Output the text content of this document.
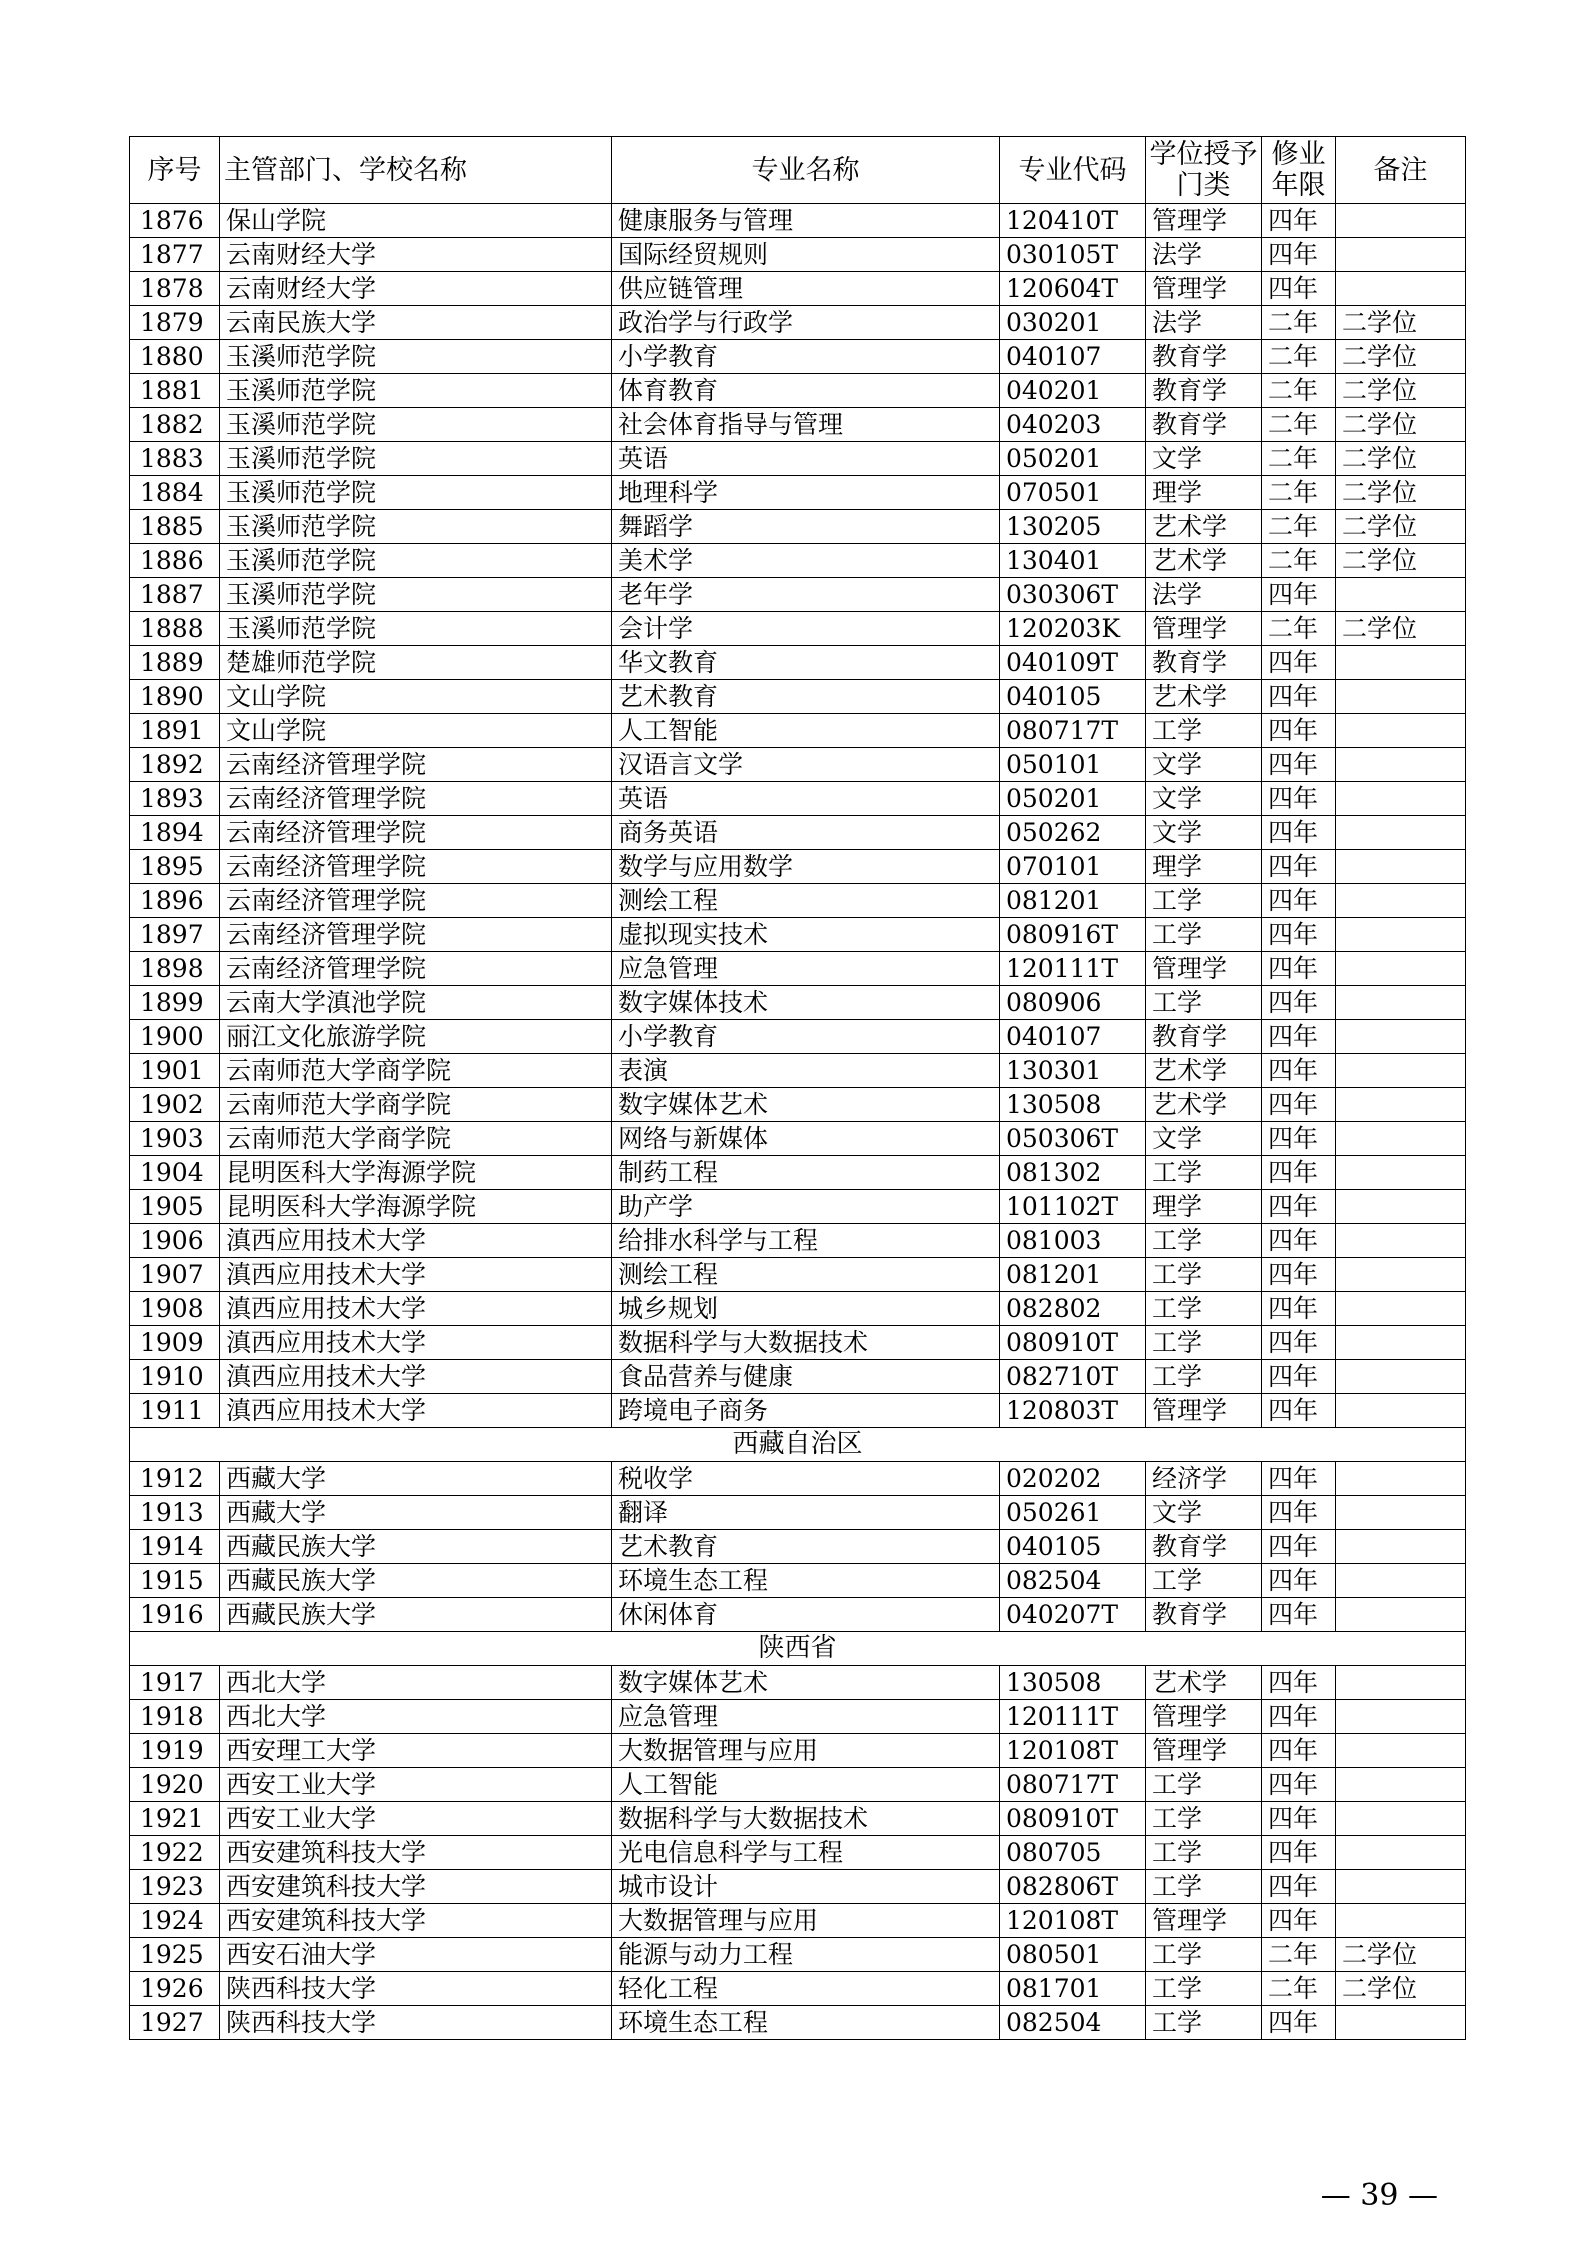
序号	主管部门、学校名称	专业名称	专业代码	学位授予门类	修业年限	备注
1876	保山学院	健康服务与管理	120410T	管理学	四年	
1877	云南财经大学	国际经贸规则	030105T	法学	四年	
1878	云南财经大学	供应链管理	120604T	管理学	四年	
1879	云南民族大学	政治学与行政学	030201	法学	二年	二学位
1880	玉溪师范学院	小学教育	040107	教育学	二年	二学位
1881	玉溪师范学院	体育教育	040201	教育学	二年	二学位
1882	玉溪师范学院	社会体育指导与管理	040203	教育学	二年	二学位
1883	玉溪师范学院	英语	050201	文学	二年	二学位
1884	玉溪师范学院	地理科学	070501	理学	二年	二学位
1885	玉溪师范学院	舞蹈学	130205	艺术学	二年	二学位
1886	玉溪师范学院	美术学	130401	艺术学	二年	二学位
1887	玉溪师范学院	老年学	030306T	法学	四年	
1888	玉溪师范学院	会计学	120203K	管理学	二年	二学位
1889	楚雄师范学院	华文教育	040109T	教育学	四年	
1890	文山学院	艺术教育	040105	艺术学	四年	
1891	文山学院	人工智能	080717T	工学	四年	
1892	云南经济管理学院	汉语言文学	050101	文学	四年	
1893	云南经济管理学院	英语	050201	文学	四年	
1894	云南经济管理学院	商务英语	050262	文学	四年	
1895	云南经济管理学院	数学与应用数学	070101	理学	四年	
1896	云南经济管理学院	测绘工程	081201	工学	四年	
1897	云南经济管理学院	虚拟现实技术	080916T	工学	四年	
1898	云南经济管理学院	应急管理	120111T	管理学	四年	
1899	云南大学滇池学院	数字媒体技术	080906	工学	四年	
1900	丽江文化旅游学院	小学教育	040107	教育学	四年	
1901	云南师范大学商学院	表演	130301	艺术学	四年	
1902	云南师范大学商学院	数字媒体艺术	130508	艺术学	四年	
1903	云南师范大学商学院	网络与新媒体	050306T	文学	四年	
1904	昆明医科大学海源学院	制药工程	081302	工学	四年	
1905	昆明医科大学海源学院	助产学	101102T	理学	四年	
1906	滇西应用技术大学	给排水科学与工程	081003	工学	四年	
1907	滇西应用技术大学	测绘工程	081201	工学	四年	
1908	滇西应用技术大学	城乡规划	082802	工学	四年	
1909	滇西应用技术大学	数据科学与大数据技术	080910T	工学	四年	
1910	滇西应用技术大学	食品营养与健康	082710T	工学	四年	
1911	滇西应用技术大学	跨境电子商务	120803T	管理学	四年	
西藏自治区						
1912	西藏大学	税收学	020202	经济学	四年	
1913	西藏大学	翻译	050261	文学	四年	
1914	西藏民族大学	艺术教育	040105	教育学	四年	
1915	西藏民族大学	环境生态工程	082504	工学	四年	
1916	西藏民族大学	休闲体育	040207T	教育学	四年	
陕西省						
1917	西北大学	数字媒体艺术	130508	艺术学	四年	
1918	西北大学	应急管理	120111T	管理学	四年	
1919	西安理工大学	大数据管理与应用	120108T	管理学	四年	
1920	西安工业大学	人工智能	080717T	工学	四年	
1921	西安工业大学	数据科学与大数据技术	080910T	工学	四年	
1922	西安建筑科技大学	光电信息科学与工程	080705	工学	四年	
1923	西安建筑科技大学	城市设计	082806T	工学	四年	
1924	西安建筑科技大学	大数据管理与应用	120108T	管理学	四年	
1925	西安石油大学	能源与动力工程	080501	工学	二年	二学位
1926	陕西科技大学	轻化工程	081701	工学	二年	二学位
1927	陕西科技大学	环境生态工程	082504	工学	四年	
— 39 —
